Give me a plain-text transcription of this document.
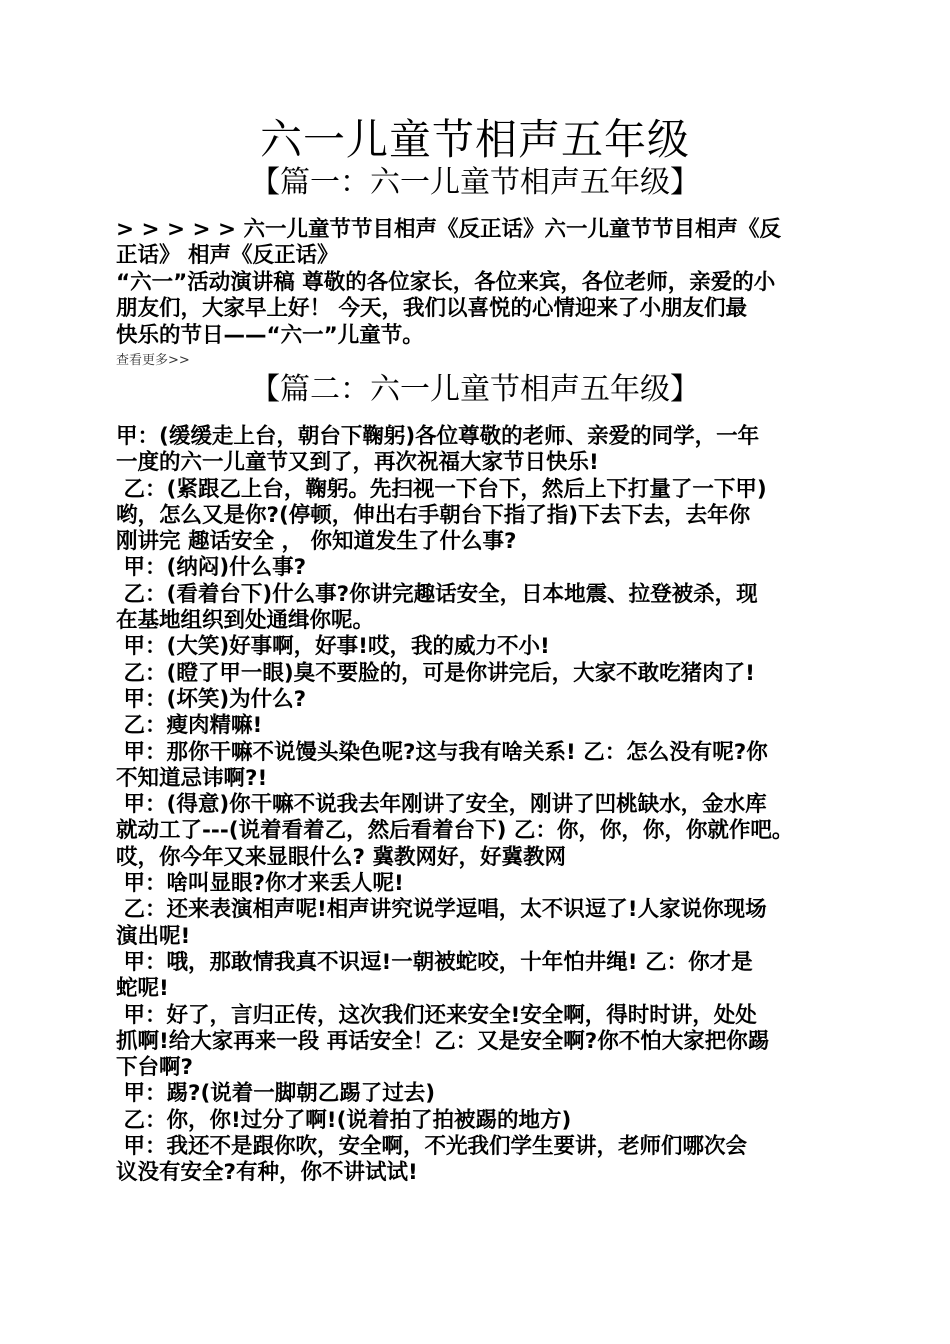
六一儿童节相声五年级
【篇一：六一儿童节相声五年级】

> > > > > 六一儿童节节目相声《反正话》六一儿童节节目相声《反
正话》 相声《反正话》

“六一”活动演讲稿 尊敬的各位家长，各位来宾，各位老师，亲爱的小
朋友们，大家早上好！ 今天，我们以喜悦的心情迎来了小朋友们最
快乐的节日——“六一”儿童节。

查看更多>>
【篇二：六一儿童节相声五年级】
甲：(缓缓走上台，朝台下鞠躬)各位尊敬的老师、亲爱的同学，一年
一度的六一儿童节又到了，再次祝福大家节日快乐!
乙：(紧跟乙上台，鞠躬。先扫视一下台下，然后上下打量了一下甲)
哟，怎么又是你?(停顿，伸出右手朝台下指了指)下去下去，去年你
刚讲完 趣话安全 ， 你知道发生了什么事?
甲：(纳闷)什么事?
乙：(看着台下)什么事?你讲完趣话安全，日本地震、拉登被杀，现
在基地组织到处通缉你呢。
甲：(大笑)好事啊，好事!哎，我的威力不小!
乙：(瞪了甲一眼)臭不要脸的，可是你讲完后，大家不敢吃猪肉了!
甲：(坏笑)为什么?
乙：瘦肉精嘛!
甲：那你干嘛不说馒头染色呢?这与我有啥关系! 乙：怎么没有呢?你
不知道忌讳啊?!
甲：(得意)你干嘛不说我去年刚讲了安全，刚讲了凹桃缺水，金水库
就动工了---(说着看着乙，然后看着台下) 乙：你，你，你，你就作吧。
哎，你今年又来显眼什么? 冀教网好，好冀教网
甲：啥叫显眼?你才来丢人呢!
乙：还来表演相声呢!相声讲究说学逗唱，太不识逗了!人家说你现场
演出呢!
甲：哦，那敢情我真不识逗!一朝被蛇咬，十年怕井绳! 乙：你才是
蛇呢!
甲：好了，言归正传，这次我们还来安全!安全啊，得时时讲，处处
抓啊!给大家再来一段 再话安全！乙：又是安全啊?你不怕大家把你踢
下台啊?
甲：踢?(说着一脚朝乙踢了过去)
乙：你，你!过分了啊!(说着拍了拍被踢的地方)
甲：我还不是跟你吹，安全啊，不光我们学生要讲，老师们哪次会
议没有安全?有种，你不讲试试!
